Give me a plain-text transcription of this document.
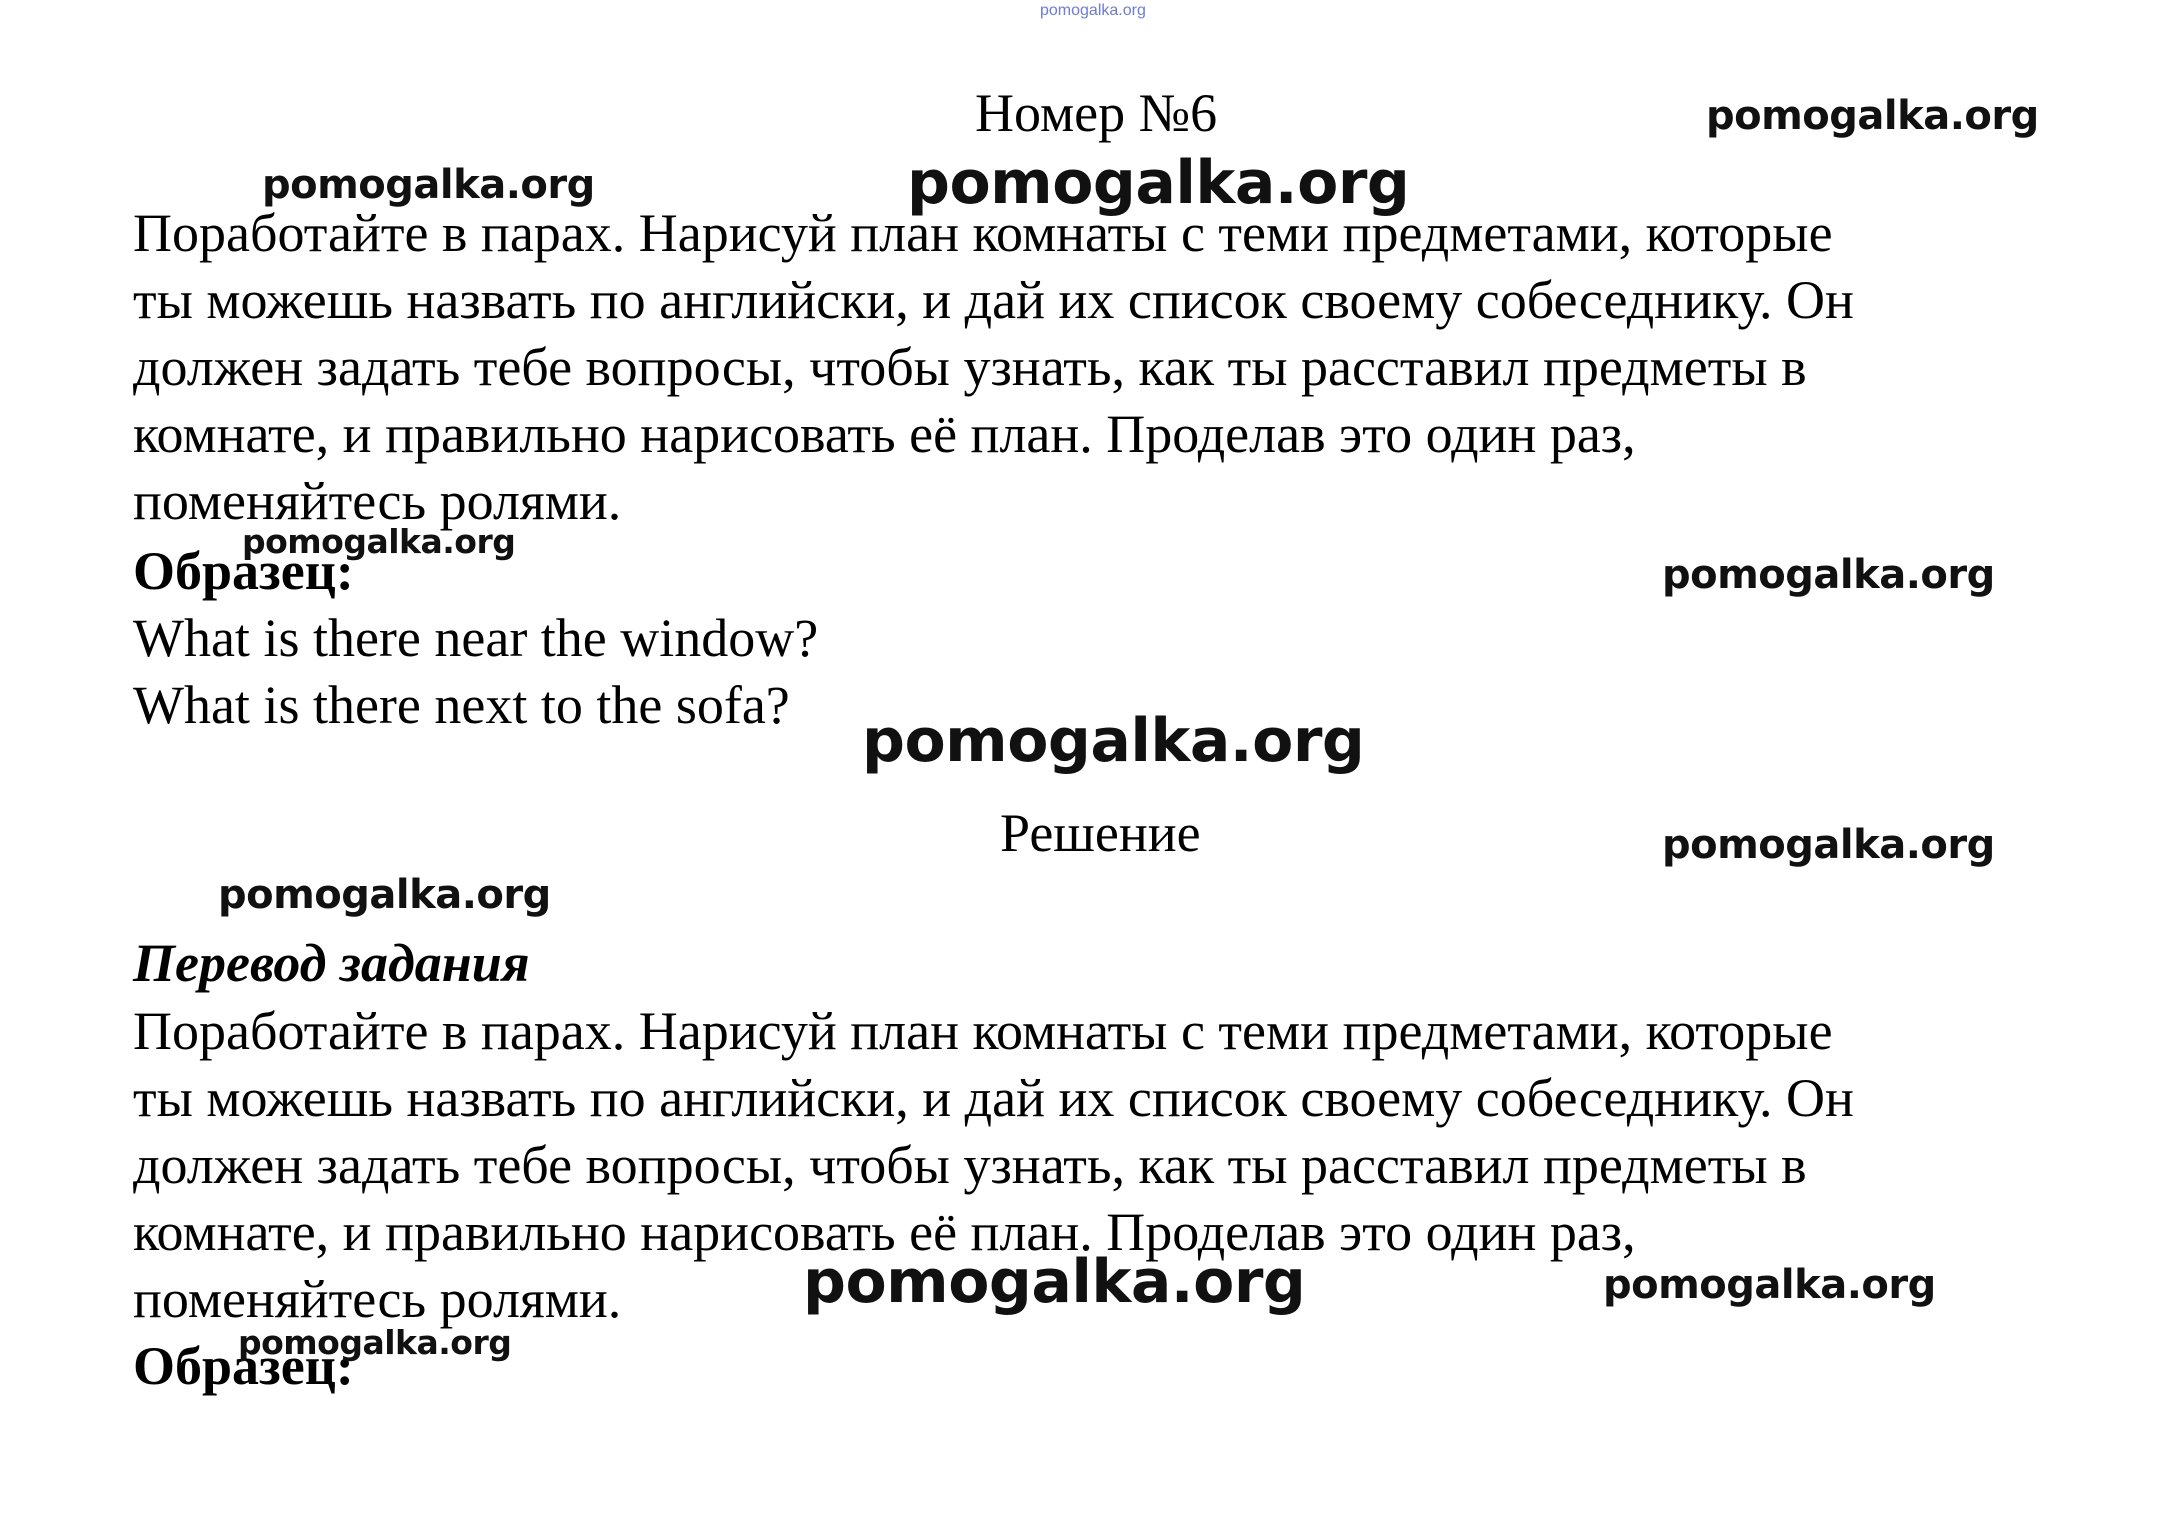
pomogalka.org
Номер №6
Поработайте в парах. Нарисуй план комнаты с теми предметами, которые
ты можешь назвать по английски, и дай их список своему собеседнику. Он
должен задать тебе вопросы, чтобы узнать, как ты расставил предметы в
комнате, и правильно нарисовать её план. Проделав это один раз,
поменяйтесь ролями.
Образец:
What is there near the window?
What is there next to the sofa?
Решение
Перевод задания
Поработайте в парах. Нарисуй план комнаты с теми предметами, которые
ты можешь назвать по английски, и дай их список своему собеседнику. Он
должен задать тебе вопросы, чтобы узнать, как ты расставил предметы в
комнате, и правильно нарисовать её план. Проделав это один раз,
поменяйтесь ролями.
Образец:
pomogalka.org
pomogalka.org	pomogalka.org
pomogalka.org
pomogalka.org
pomogalka.org
pomogalka.org
pomogalka.org
pomogalka.org	pomogalka.org
pomogalka.org
